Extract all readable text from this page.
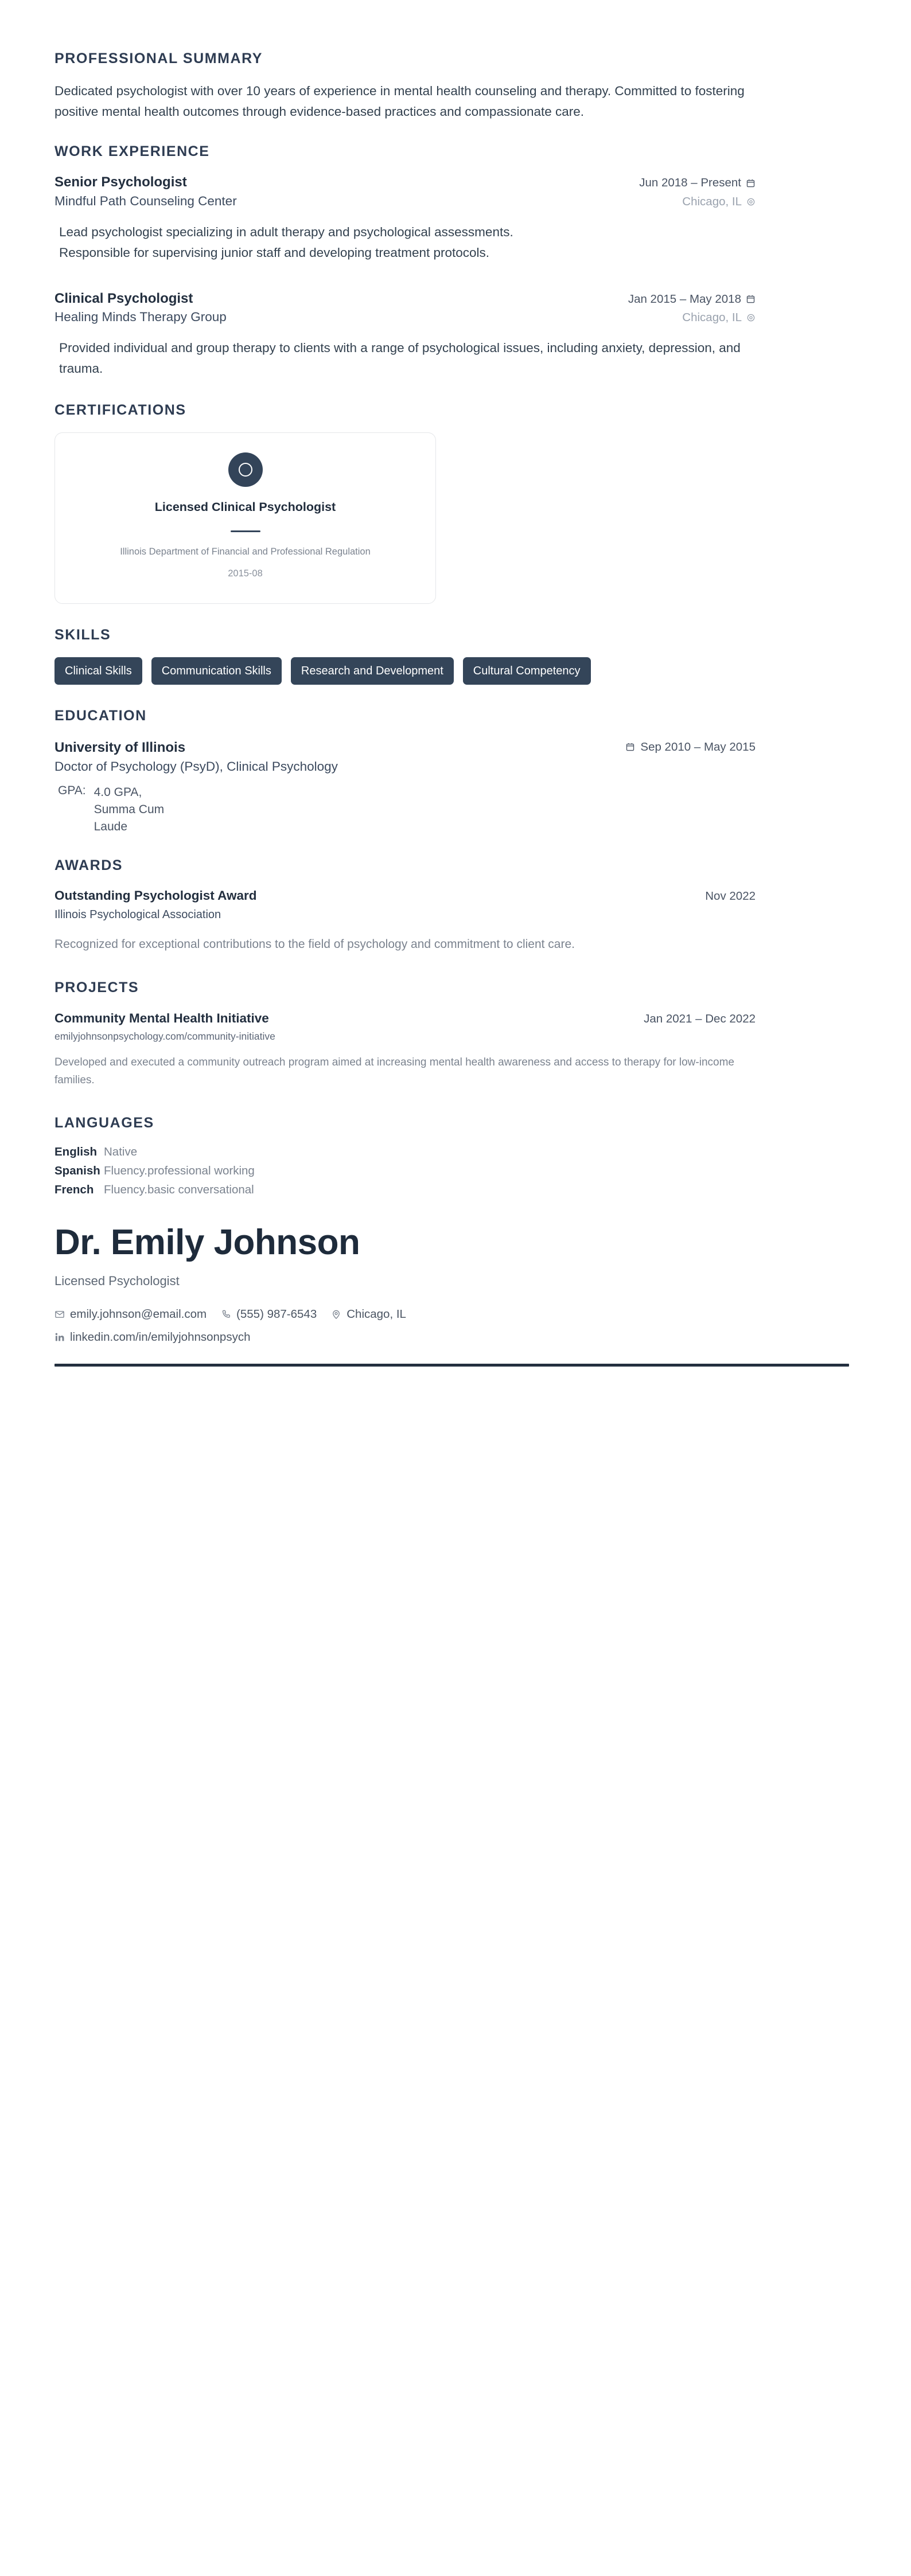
PROFESSIONAL SUMMARY

Dedicated psychologist with over 10 years of experience in mental health counseling and therapy. Committed to fostering positive mental health outcomes through evidence-based practices and compassionate care.

WORK EXPERIENCE
Senior Psychologist	Jun 2018 – Present
Mindful Path Counseling Center	Chicago, IL
Lead psychologist specializing in adult therapy and psychological assessments.
Responsible for supervising junior staff and developing treatment protocols.
Clinical Psychologist	Jan 2015 – May 2018
Healing Minds Therapy Group	Chicago, IL
Provided individual and group therapy to clients with a range of psychological issues, including anxiety, depression, and trauma.
CERTIFICATIONS
Licensed Clinical Psychologist
Illinois Department of Financial and Professional Regulation
2015-08
SKILLS
Clinical Skills	Communication Skills	Research and Development	Cultural Competency
EDUCATION
University of Illinois
Doctor of Psychology (PsyD), Clinical Psychology
Sep 2010 – May 2015
GPA: 4.0 GPA, Summa Cum Laude
AWARDS
Outstanding Psychologist Award	Nov 2022
Illinois Psychological Association
Recognized for exceptional contributions to the field of psychology and commitment to client care.
PROJECTS
Community Mental Health Initiative	Jan 2021 – Dec 2022
emilyjohnsonpsychology.com/community-initiative
Developed and executed a community outreach program aimed at increasing mental health awareness and access to therapy for low-income families.
LANGUAGES
English Native
Spanish Fluency.professional working
French Fluency.basic conversational
Dr. Emily Johnson
Licensed Psychologist
emily.johnson@email.com	(555) 987-6543	Chicago, IL
linkedin.com/in/emilyjohnsonpsych
